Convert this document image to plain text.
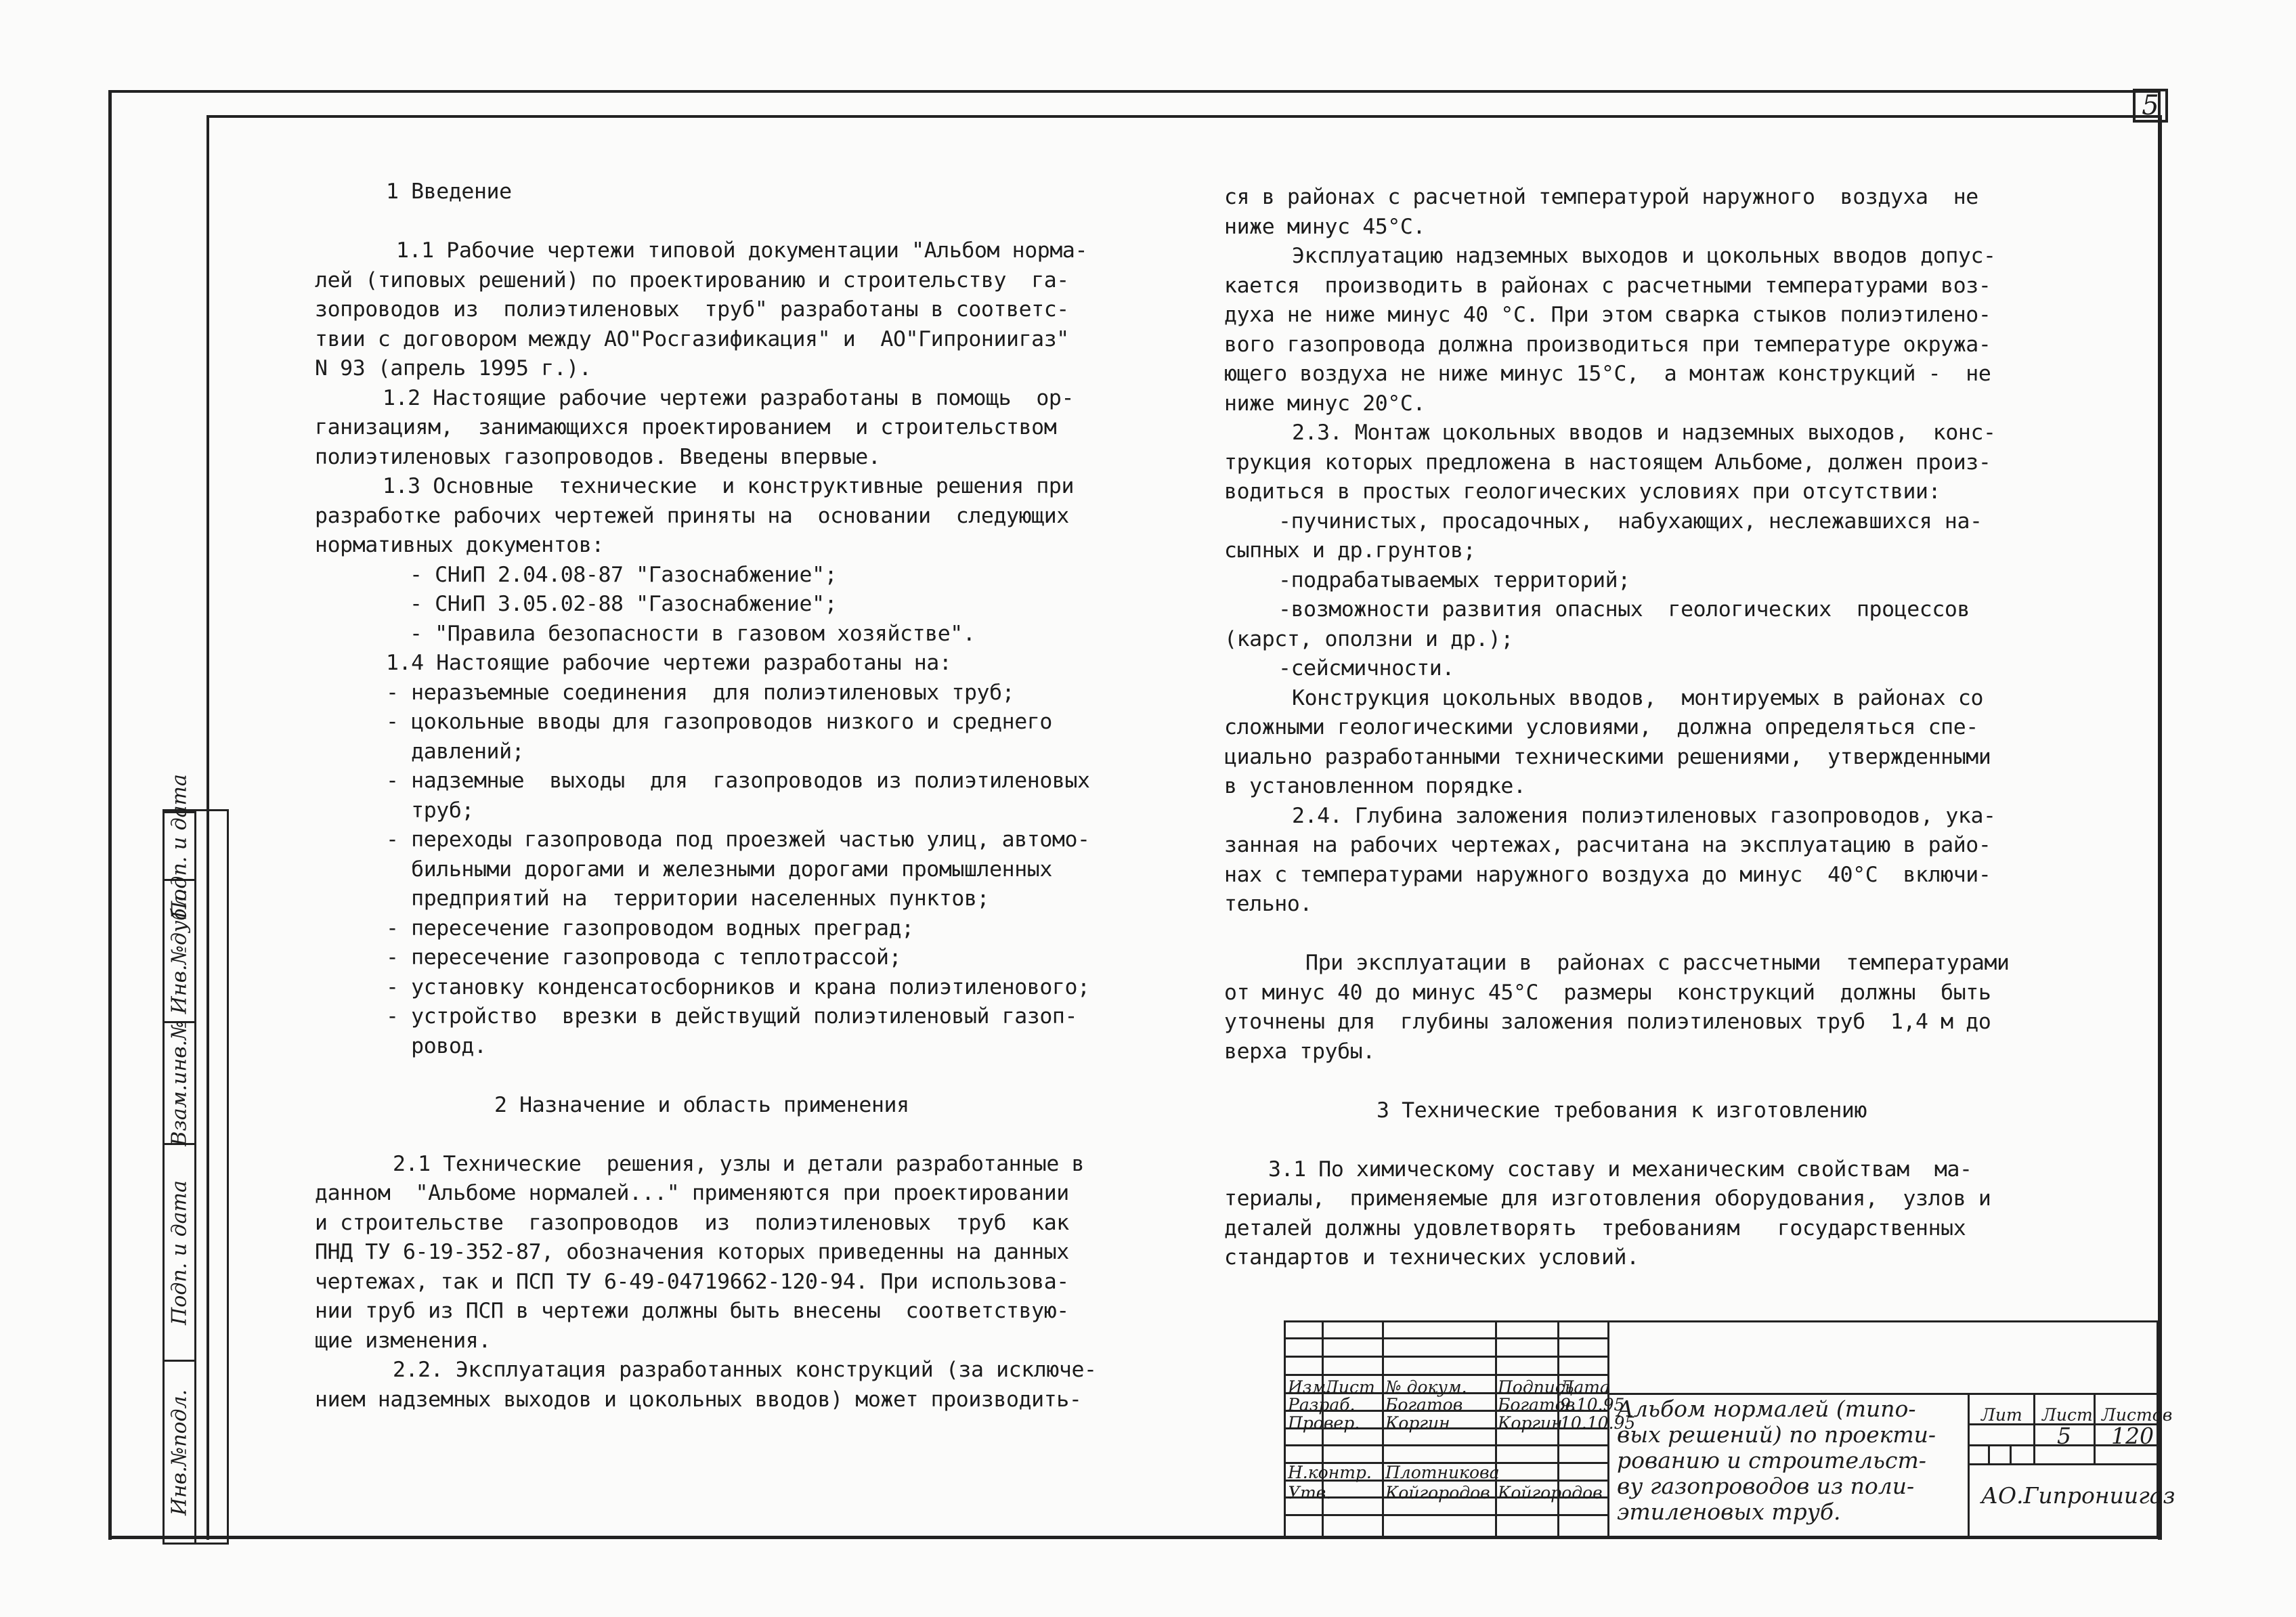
5
1 Введение
1.1 Рабочие чертежи типовой документации "Альбом нормa-
лей (типовых решений) по проектированию и строительству  га-
зопроводов из  полиэтиленовых  труб" разработаны в соответс-
твии с договором между АО"Росгазификация" и  АО"Гипрониигаз"
N 93 (апрель 1995 г.).
1.2 Настоящие рабочие чертежи разработаны в помощь  ор-
ганизациям,  занимающихся проектированием  и строительством
полиэтиленовых газопроводов. Введены впервые.
1.3 Основные  технические  и конструктивные решения при
разработке рабочих чертежей приняты на  основании  следующих
нормативных документов:
- СНиП 2.04.08-87 "Газоснабжение";
- СНиП 3.05.02-88 "Газоснабжение";
- "Правила безопасности в газовом хозяйстве".
1.4 Настоящие рабочие чертежи разработаны на:
- неразъемные соединения  для полиэтиленовых труб;
- цокольные вводы для газопроводов низкого и среднего
давлений;
- надземные  выходы  для  газопроводов из полиэтиленовых
труб;
- переходы газопровода под проезжей частью улиц, автомо-
бильными дорогами и железными дорогами промышленных
предприятий на  территории населенных пунктов;
- пересечение газопроводом водных преград;
- пересечение газопровода с теплотрассой;
- установку конденсатосборников и крана полиэтиленового;
- устройство  врезки в действущий полиэтиленовый газоп-
ровод.
2 Назначение и область применения
2.1 Технические  решения, узлы и детали разработанные в
данном  "Альбоме нормалей..." применяются при проектировании
и строительстве  газопроводов  из  полиэтиленовых  труб  как
ПНД ТУ 6-19-352-87, обозначения которых приведенны на данных
чертежах, так и ПСП ТУ 6-49-04719662-120-94. При использова-
нии труб из ПСП в чертежи должны быть внесены  соответствую-
щие изменения.
2.2. Эксплуатация разработанных конструкций (за исключе-
нием надземных выходов и цокольных вводов) может производить-
ся в районах с расчетной температурой наружного  воздуха  не
ниже минус 45°С.
Эксплуатацию надземных выходов и цокольных вводов допус-
кается  производить в районах с расчетными температурами воз-
духа не ниже минус 40 °С. При этом сварка стыков полиэтилено-
вого газопровода должна производиться при температуре окружа-
ющего воздуха не ниже минус 15°С,  а монтаж конструкций -  не
ниже минус 20°С.
2.3. Монтаж цокольных вводов и надземных выходов,  конс-
трукция которых предложена в настоящем Альбоме, должен произ-
водиться в простых геологических условиях при отсутствии:
-пучинистых, просадочных,  набухающих, неслежавшихся на-
сыпных и др.грунтов;
-подрабатываемых территорий;
-возможности развития опасных  геологических  процессов
(карст, оползни и др.);
-сейсмичности.
Конструкция цокольных вводов,  монтируемых в районах со
сложными геологическими условиями,  должна определяться спе-
циально разработанными техническими решениями,  утвержденными
в установленном порядке.
2.4. Глубина заложения полиэтиленовых газопроводов, ука-
занная на рабочих чертежах, расчитана на эксплуатацию в райо-
нах с температурами наружного воздуха до минус  40°С  включи-
тельно.
При эксплуатации в  районах с рассчетными  температурами
от минус 40 до минус 45°С  размеры  конструкций  должны  быть
уточнены для  глубины заложения полиэтиленовых труб  1,4 м до
верха трубы.
3 Технические требования к изготовлению
3.1 По химическому составу и механическим свойствам  ма-
териалы,  применяемые для изготовления оборудования,  узлов и
деталей должны удовлетворять  требованиям   государственных
стандартов и технических условий.
Инв.№подл.
Подп. и дата
Взам.инв.№
Инв.№дубл.
Подп. и дата
Изм.
Лист № докум. Подпись
Дата
Разраб. Богатов Богатов
9.10.95
Провер. Коргин	Коргин
10.10.95
Н.контр. Плотникова
Утв.	Койгородов Койгородов
Альбом нормалей (типо-
вых решений) по проекти-
рованию и строительст-
ву газопроводов из поли-
этиленовых труб.
Лит Лист Листов
5 120
АО.Гипрониигаз
